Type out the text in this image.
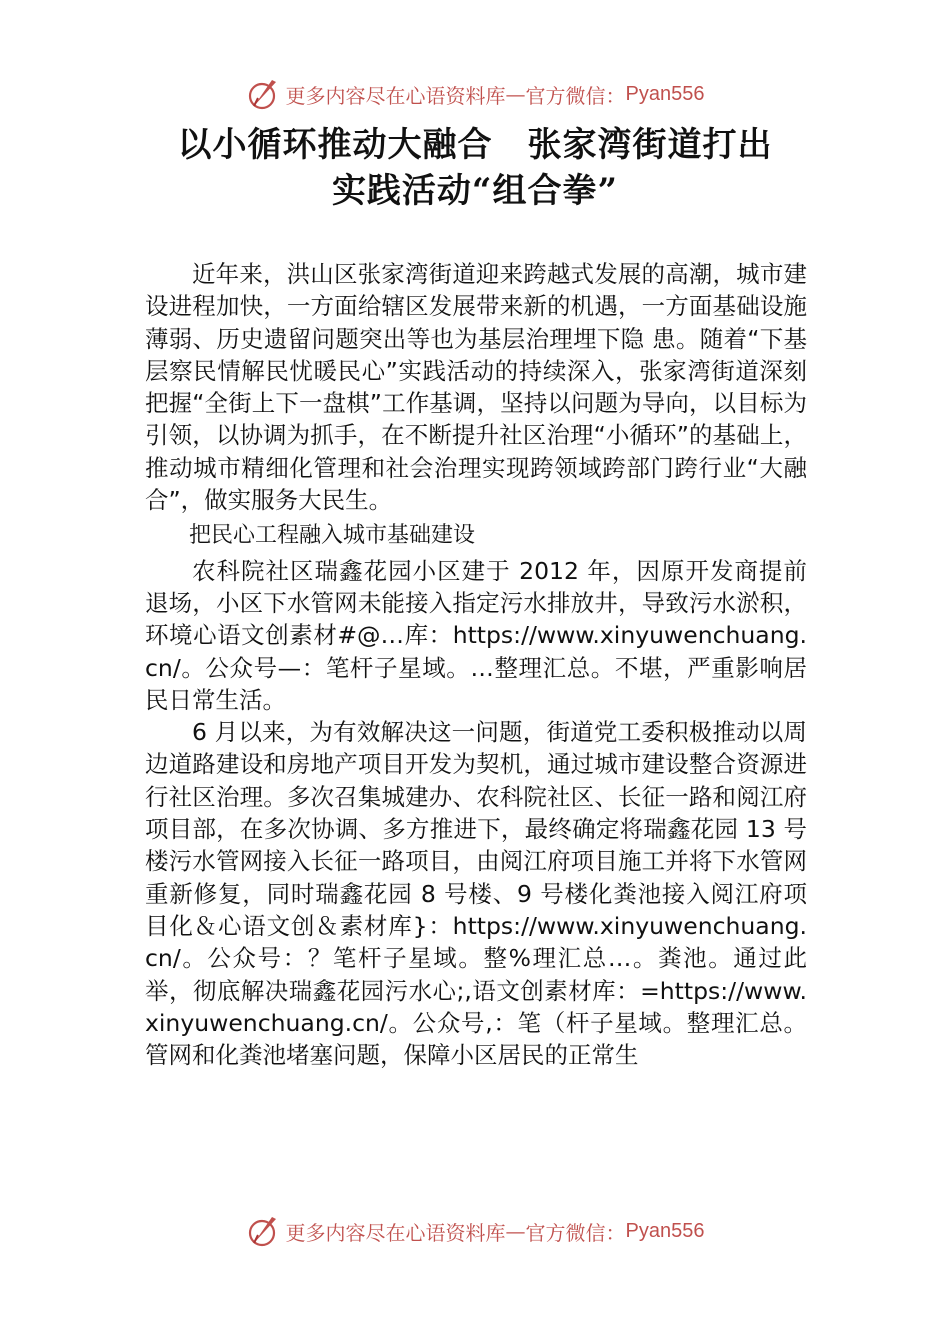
更多内容尽在心语资料库 — 官方微信： Pyan556
以小循环推动大融合　张家湾街道打出
实践活动“组合拳”

近年来，洪山区张家湾街道迎来跨越式发展的高潮，城市建设进程加快，一方面给辖区发展带来新的机遇，一方面基础设施薄弱、历史遗留问题突出等也为基层治理埋下隐 患。随着“下基层察民情解民忧暖民心”实践活动的持续深入，张家湾街道深刻把握“全街上下一盘棋”工作基调，坚持以问题为导向，以目标为引领，以协调为抓手，在不断提升社区治理“小循环”的基础上，推动城市精细化管理和社会治理实现跨领域跨部门跨行业“大融合”，做实服务大民生。

把民心工程融入城市基础建设

农科院社区瑞鑫花园小区建于 2012 年，因原开发商提前退场，小区下水管网未能接入指定污水排放井，导致污水淤积，环境心语文创素材#@…库：https://www.xinyuwenchuang.cn/。公众号—：笔杆子星域。…整理汇总。不堪，严重影响居民日常生活。

6 月以来，为有效解决这一问题，街道党工委积极推动以周边道路建设和房地产项目开发为契机，通过城市建设整合资源进行社区治理。多次召集城建办、农科院社区、长征一路和阅江府项目部，在多次协调、多方推进下，最终确定将瑞鑫花园 13 号楼污水管网接入长征一路项目，由阅江府项目施工并将下水管网重新修复，同时瑞鑫花园 8 号楼、9 号楼化粪池接入阅江府项目化＆心语文创＆素材库}：https://www.xinyuwenchuang.cn/。公众号：？笔杆子星域。整%理汇总…。粪池。通过此举，彻底解决瑞鑫花园污水心;,语文创素材库：=https://www.xinyuwenchuang.cn/。公众号,：笔（杆子星域。整理汇总。管网和化粪池堵塞问题，保障小区居民的正常生

更多内容尽在心语资料库 — 官方微信： Pyan556
